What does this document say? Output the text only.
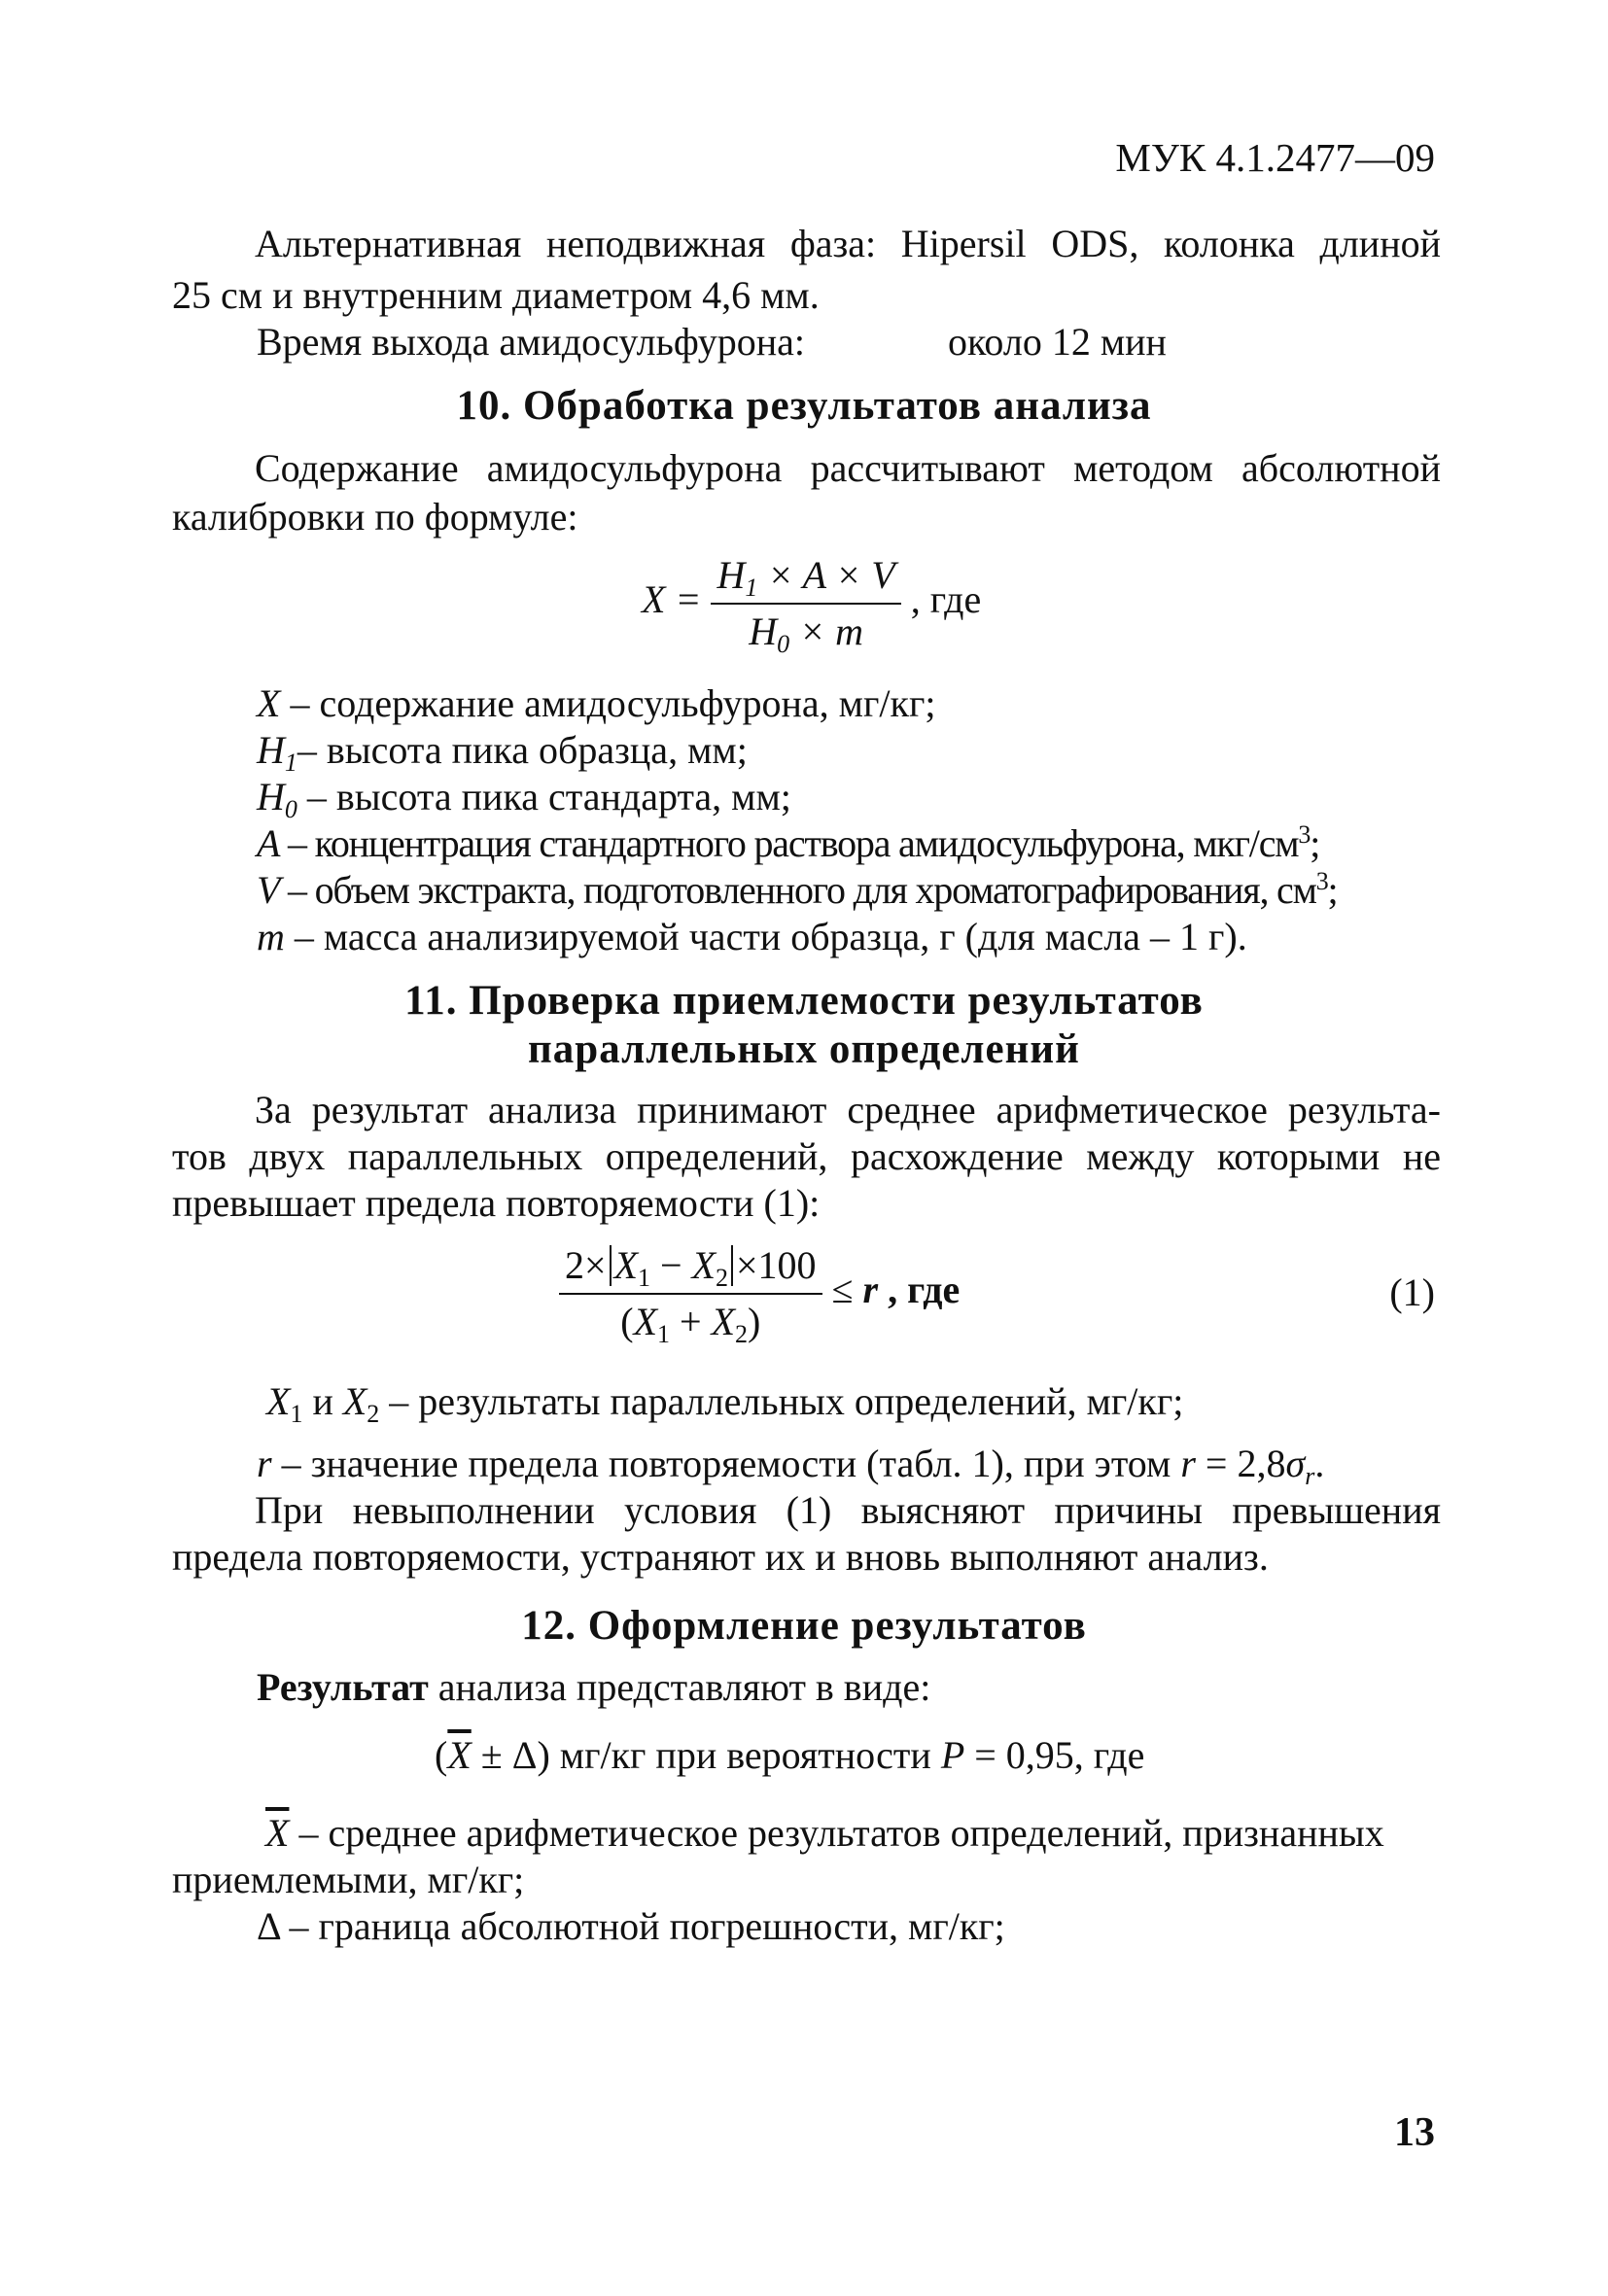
МУК 4.1.2477—09
Альтернативная неподвижная фаза: Hipersil ODS, колонка длиной
25 см и внутренним диаметром 4,6 мм.
Время выхода амидосульфурона:	около 12 мин
10. Обработка результатов анализа
Содержание амидосульфурона рассчитывают методом абсолютной
калибровки по формуле:
$X = \frac{H_1 \times A \times V}{H_0 \times m}$ , где
X – содержание амидосульфурона, мг/кг;
$H_1-$ высота пика образца, мм;
$H_0$ – высота пика стандарта, мм;
A – концентрация стандартного раствора амидосульфурона, мкг/$см^3$;
V – объем экстракта, подготовленного для хроматографирования, $см^3$;
m – масса анализируемой части образца, г (для масла – 1 г).
11. Проверка приемлемости результатов
параллельных определений
За результат анализа принимают среднее арифметическое результа-
тов двух параллельных определений, расхождение между которыми не
превышает предела повторяемости (1):
$\frac{2\times X_1 - X_2 \times 100}{(X_1 + X_2)} \le r$ , где	(1)
$X_1$ и $X_2$ – результаты параллельных определений, мг/кг;
r – значение предела повторяемости (табл. 1), при этом $r = 2,8\sigma_r$.
При невыполнении условия (1) выясняют причины превышения
предела повторяемости, устраняют их и вновь выполняют анализ.
12. Оформление результатов
Результат анализа представляют в виде:
$(\overline{X} \pm \Delta)$ мг/кг при вероятности P = 0,95, где
$\overline{X}$ – среднее арифметическое результатов определений, признанных
приемлемыми, мг/кг;
Δ – граница абсолютной погрешности, мг/кг;
13
